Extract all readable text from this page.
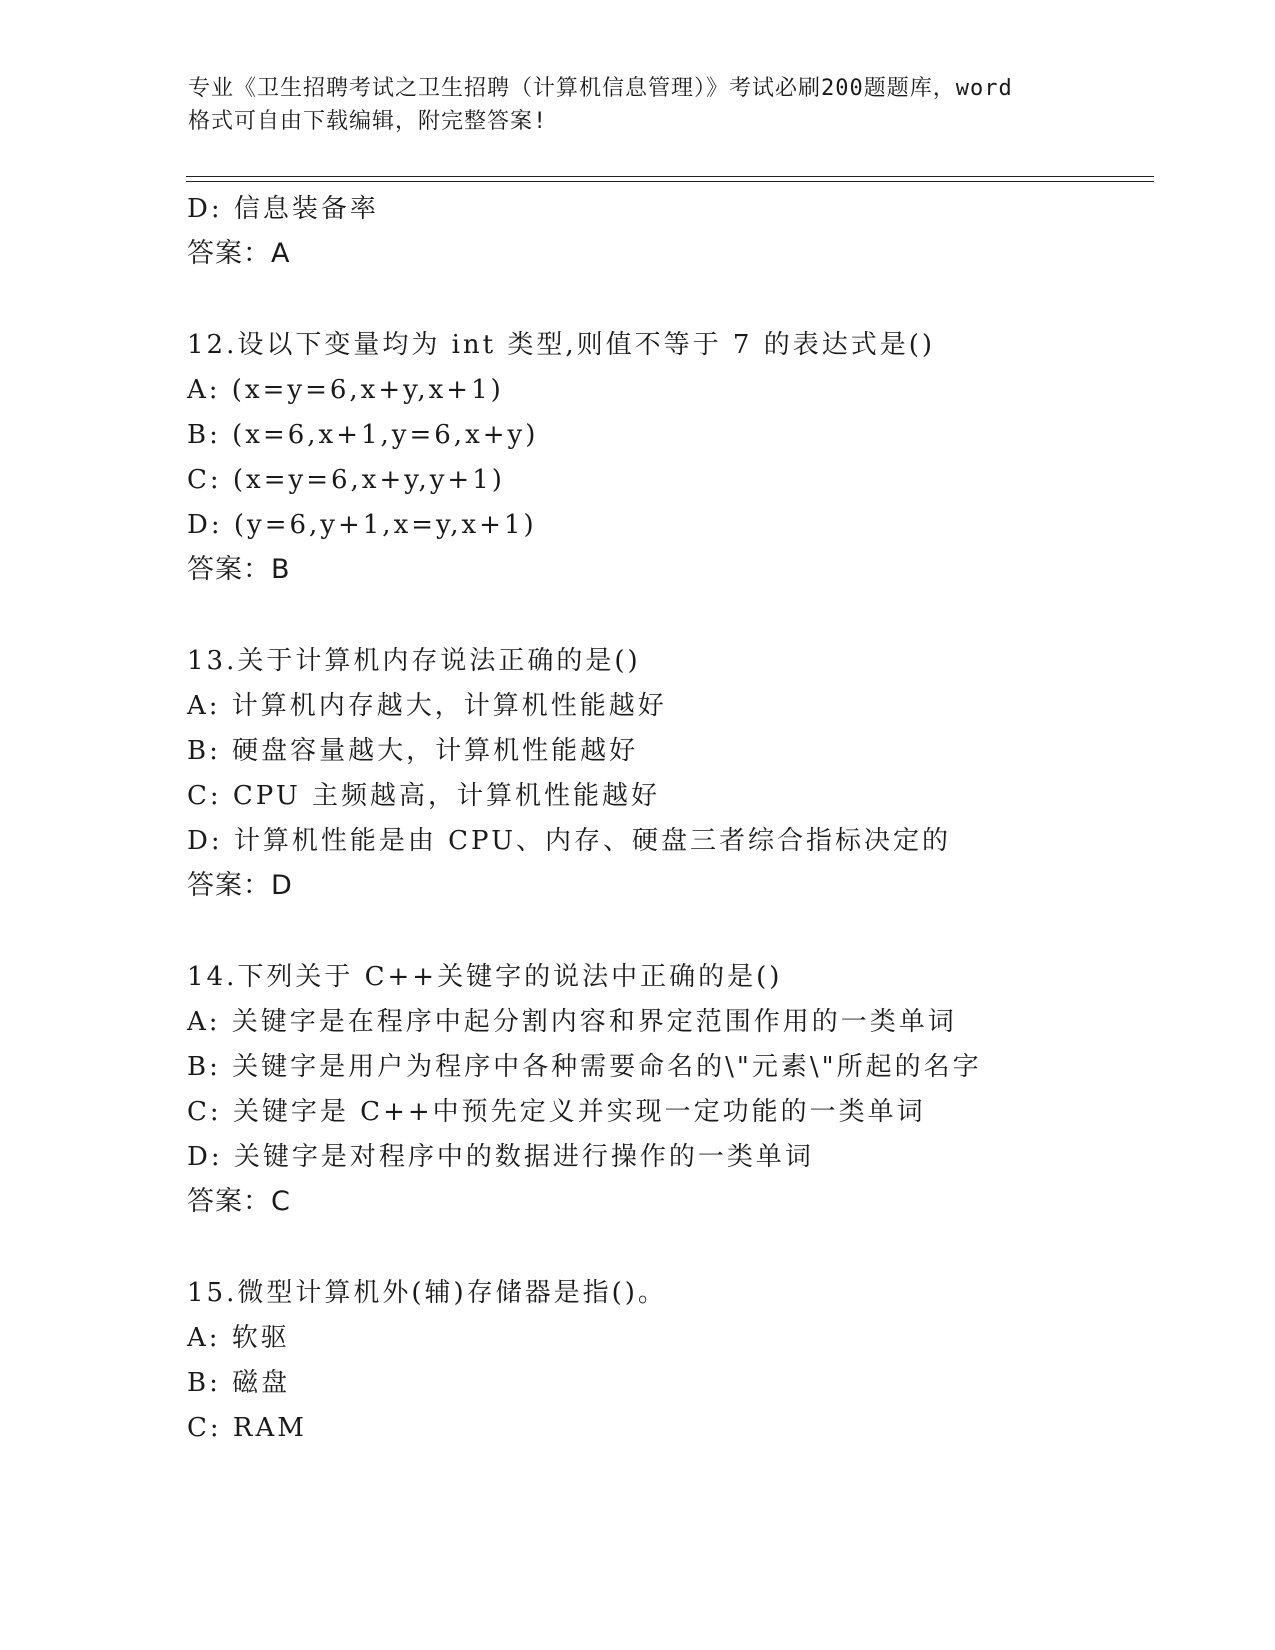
专业《卫生招聘考试之卫生招聘（计算机信息管理）》考试必刷200题题库，word
格式可自由下载编辑，附完整答案!
D: 信息装备率
答案：A
12.设以下变量均为 int 类型,则值不等于 7 的表达式是()
A: (x=y=6,x+y,x+1)
B: (x=6,x+1,y=6,x+y)
C: (x=y=6,x+y,y+1)
D: (y=6,y+1,x=y,x+1)
答案：B
13.关于计算机内存说法正确的是()
A: 计算机内存越大，计算机性能越好
B: 硬盘容量越大，计算机性能越好
C: CPU 主频越高，计算机性能越好
D: 计算机性能是由 CPU、内存、硬盘三者综合指标决定的
答案：D
14.下列关于 C++关键字的说法中正确的是()
A: 关键字是在程序中起分割内容和界定范围作用的一类单词
B: 关键字是用户为程序中各种需要命名的\"元素\"所起的名字
C: 关键字是 C++中预先定义并实现一定功能的一类单词
D: 关键字是对程序中的数据进行操作的一类单词
答案：C
15.微型计算机外(辅)存储器是指()。
A: 软驱
B: 磁盘
C: RAM
